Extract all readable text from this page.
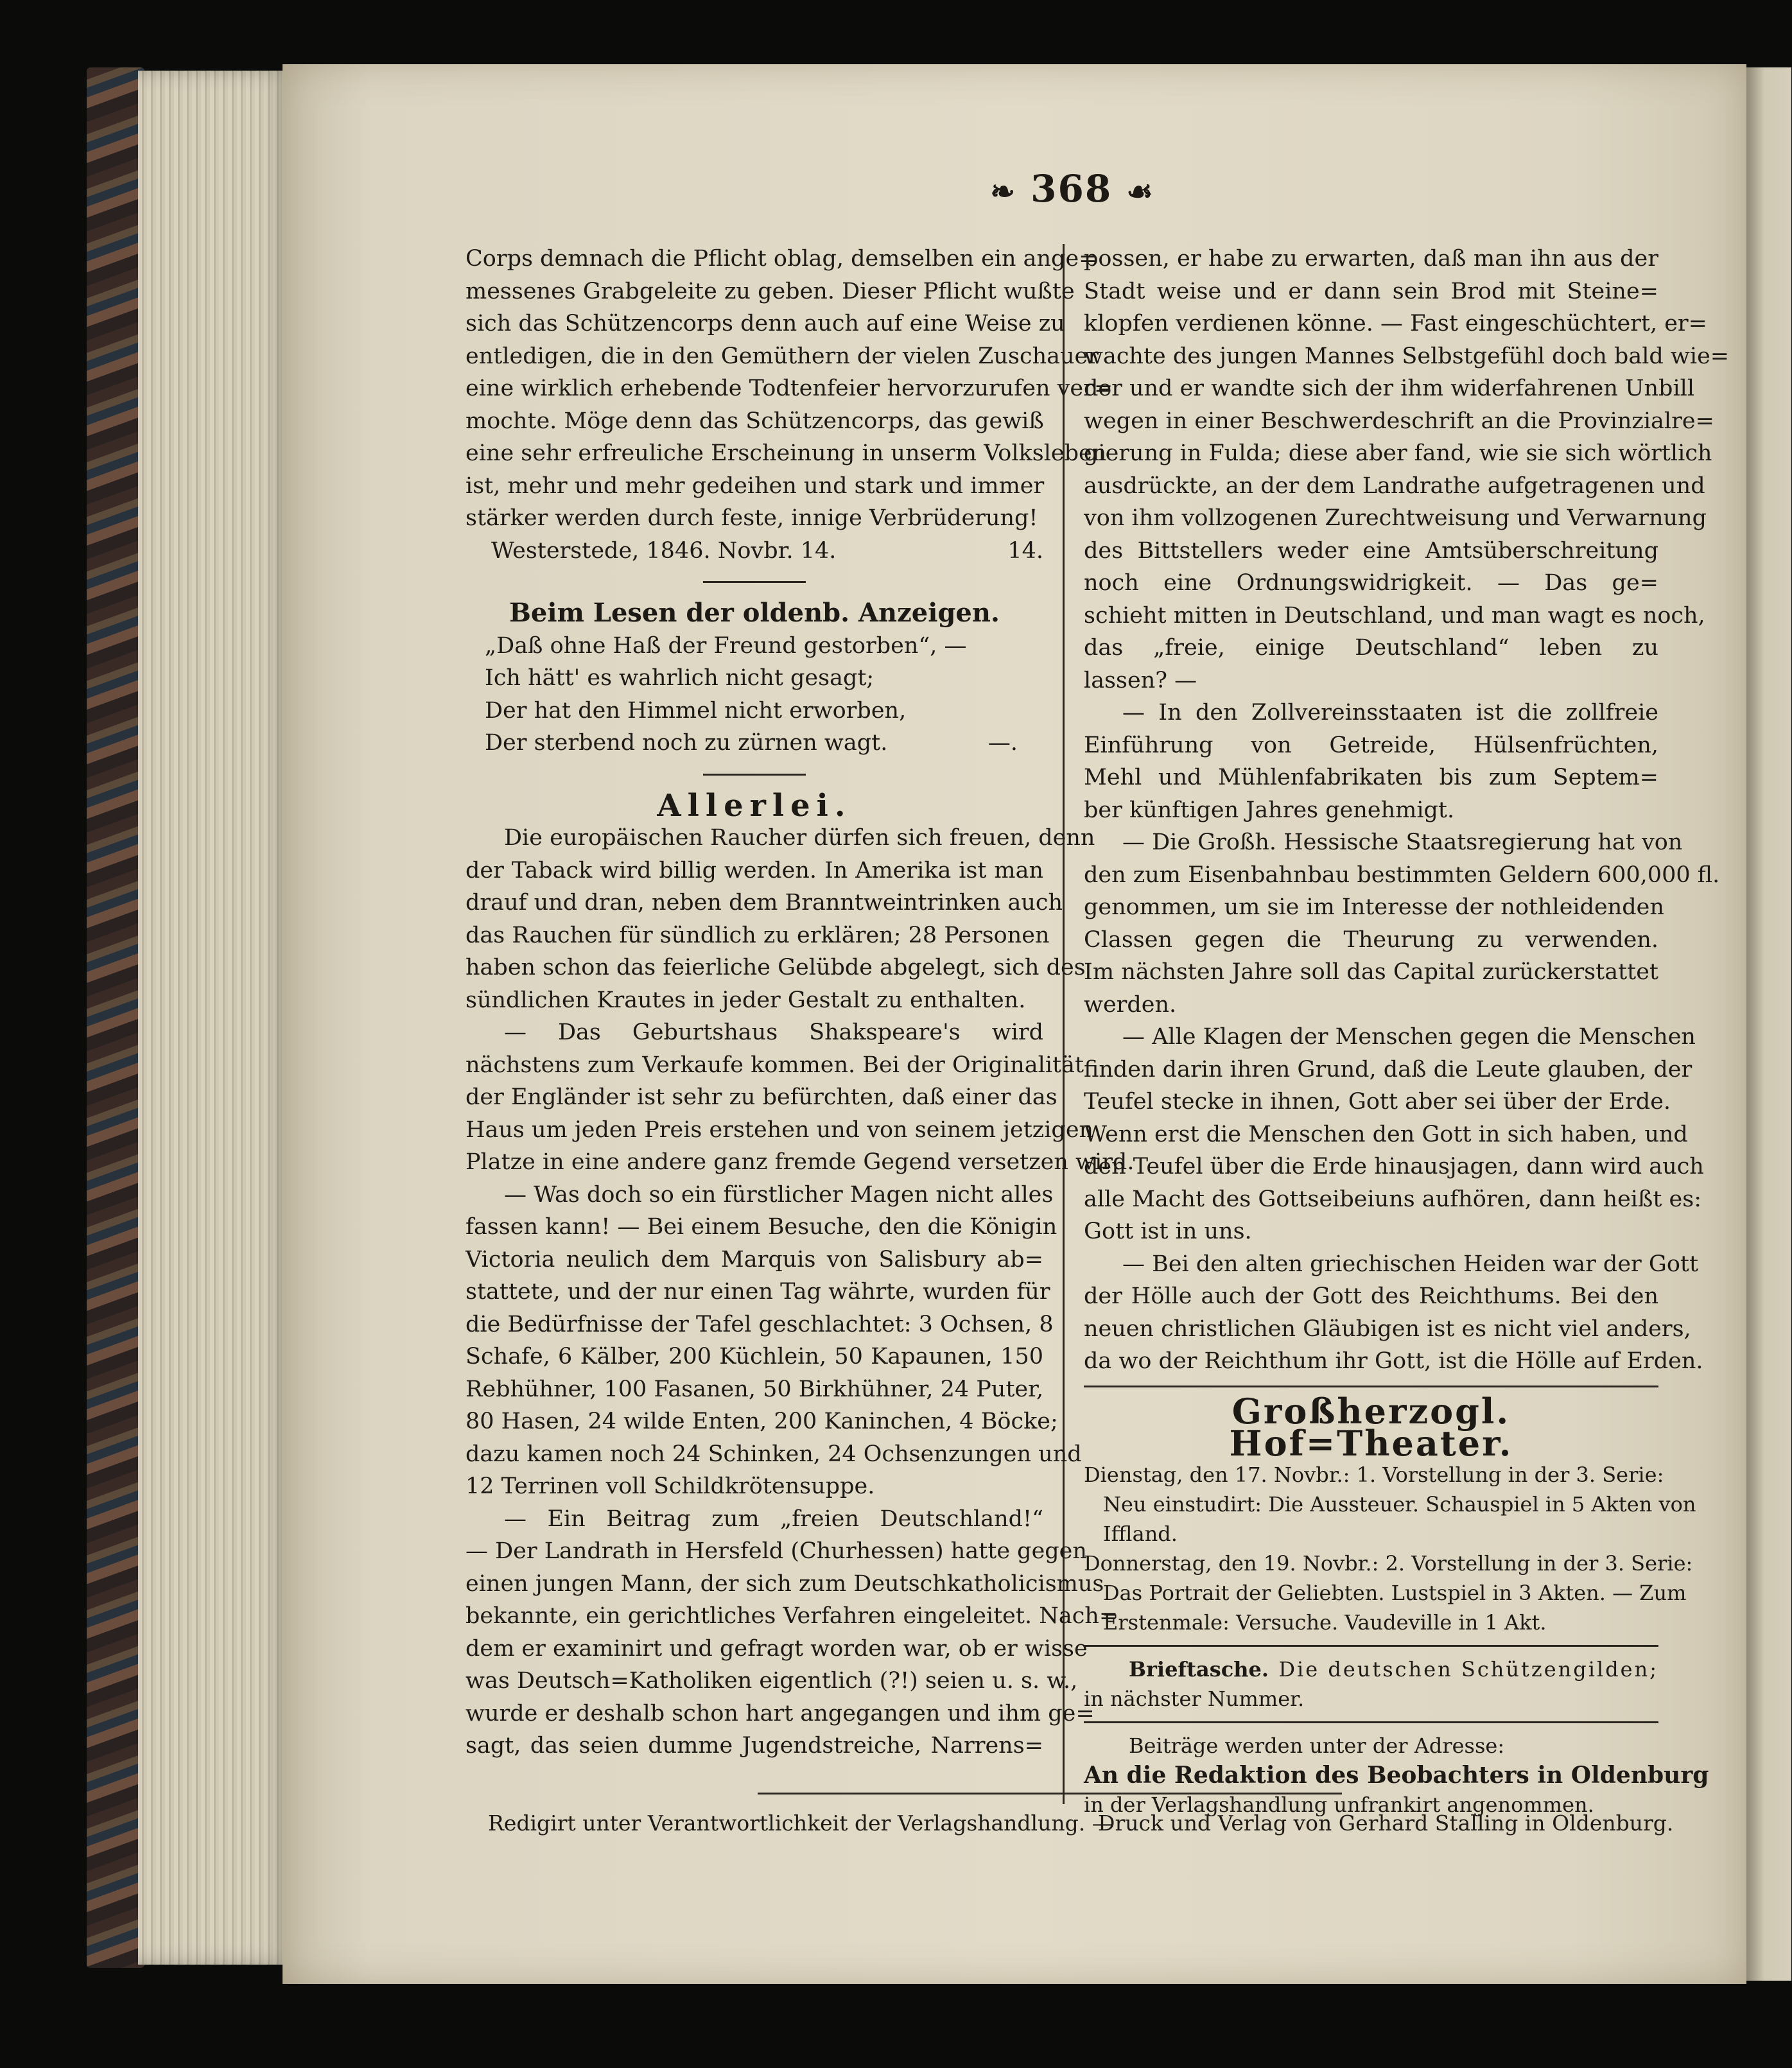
❧ 368 ☙
Corps demnach die Pflicht oblag, demselben ein ange=
messenes Grabgeleite zu geben. Dieser Pflicht wußte
sich das Schützencorps denn auch auf eine Weise zu
entledigen, die in den Gemüthern der vielen Zuschauer
eine wirklich erhebende Todtenfeier hervorzurufen ver=
mochte. Möge denn das Schützencorps, das gewiß
eine sehr erfreuliche Erscheinung in unserm Volksleben
ist, mehr und mehr gedeihen und stark und immer
stärker werden durch feste, innige Verbrüderung!
Westerstede, 1846. Novbr. 14.	14.
Beim Lesen der oldenb. Anzeigen.
„Daß ohne Haß der Freund gestorben“, —
Ich hätt' es wahrlich nicht gesagt;
Der hat den Himmel nicht erworben,
Der sterbend noch zu zürnen wagt.	—.
Allerlei.
Die europäischen Raucher dürfen sich freuen, denn
der Taback wird billig werden. In Amerika ist man
drauf und dran, neben dem Branntweintrinken auch
das Rauchen für sündlich zu erklären; 28 Personen
haben schon das feierliche Gelübde abgelegt, sich des
sündlichen Krautes in jeder Gestalt zu enthalten.
— Das Geburtshaus Shakspeare's wird
nächstens zum Verkaufe kommen. Bei der Originalität
der Engländer ist sehr zu befürchten, daß einer das
Haus um jeden Preis erstehen und von seinem jetzigen
Platze in eine andere ganz fremde Gegend versetzen wird.
— Was doch so ein fürstlicher Magen nicht alles
fassen kann! — Bei einem Besuche, den die Königin
Victoria neulich dem Marquis von Salisbury ab=
stattete, und der nur einen Tag währte, wurden für
die Bedürfnisse der Tafel geschlachtet: 3 Ochsen, 8
Schafe, 6 Kälber, 200 Küchlein, 50 Kapaunen, 150
Rebhühner, 100 Fasanen, 50 Birkhühner, 24 Puter,
80 Hasen, 24 wilde Enten, 200 Kaninchen, 4 Böcke;
dazu kamen noch 24 Schinken, 24 Ochsenzungen und
12 Terrinen voll Schildkrötensuppe.
— Ein Beitrag zum „freien Deutschland!“
— Der Landrath in Hersfeld (Churhessen) hatte gegen
einen jungen Mann, der sich zum Deutschkatholicismus
bekannte, ein gerichtliches Verfahren eingeleitet. Nach=
dem er examinirt und gefragt worden war, ob er wisse
was Deutsch=Katholiken eigentlich (?!) seien u. s. w.,
wurde er deshalb schon hart angegangen und ihm ge=
sagt, das seien dumme Jugendstreiche, Narrens=
possen, er habe zu erwarten, daß man ihn aus der
Stadt weise und er dann sein Brod mit Steine=
klopfen verdienen könne. — Fast eingeschüchtert, er=
wachte des jungen Mannes Selbstgefühl doch bald wie=
der und er wandte sich der ihm widerfahrenen Unbill
wegen in einer Beschwerdeschrift an die Provinzialre=
gierung in Fulda; diese aber fand, wie sie sich wörtlich
ausdrückte, an der dem Landrathe aufgetragenen und
von ihm vollzogenen Zurechtweisung und Verwarnung
des Bittstellers weder eine Amtsüberschreitung
noch eine Ordnungswidrigkeit. — Das ge=
schieht mitten in Deutschland, und man wagt es noch,
das „freie, einige Deutschland“ leben zu
lassen? —
— In den Zollvereinsstaaten ist die zollfreie
Einführung von Getreide, Hülsenfrüchten,
Mehl und Mühlenfabrikaten bis zum Septem=
ber künftigen Jahres genehmigt.
— Die Großh. Hessische Staatsregierung hat von
den zum Eisenbahnbau bestimmten Geldern 600,000 fl.
genommen, um sie im Interesse der nothleidenden
Classen gegen die Theurung zu verwenden.
Im nächsten Jahre soll das Capital zurückerstattet
werden.
— Alle Klagen der Menschen gegen die Menschen
finden darin ihren Grund, daß die Leute glauben, der
Teufel stecke in ihnen, Gott aber sei über der Erde.
Wenn erst die Menschen den Gott in sich haben, und
den Teufel über die Erde hinausjagen, dann wird auch
alle Macht des Gottseibeiuns aufhören, dann heißt es:
Gott ist in uns.
— Bei den alten griechischen Heiden war der Gott
der Hölle auch der Gott des Reichthums. Bei den
neuen christlichen Gläubigen ist es nicht viel anders,
da wo der Reichthum ihr Gott, ist die Hölle auf Erden.
Großherzogl. Hof=Theater.
Dienstag, den 17. Novbr.: 1. Vorstellung in der 3. Serie:
Neu einstudirt: Die Aussteuer. Schauspiel in 5 Akten von
Iffland.
Donnerstag, den 19. Novbr.: 2. Vorstellung in der 3. Serie:
Das Portrait der Geliebten. Lustspiel in 3 Akten. — Zum
Erstenmale: Versuche. Vaudeville in 1 Akt.
Brieftasche. Die deutschen Schützengilden;
in nächster Nummer.
Beiträge werden unter der Adresse:
An die Redaktion des Beobachters in Oldenburg
in der Verlagshandlung unfrankirt angenommen.
Redigirt unter Verantwortlichkeit der Verlagshandlung. —
Druck und Verlag von Gerhard Stalling in Oldenburg.
